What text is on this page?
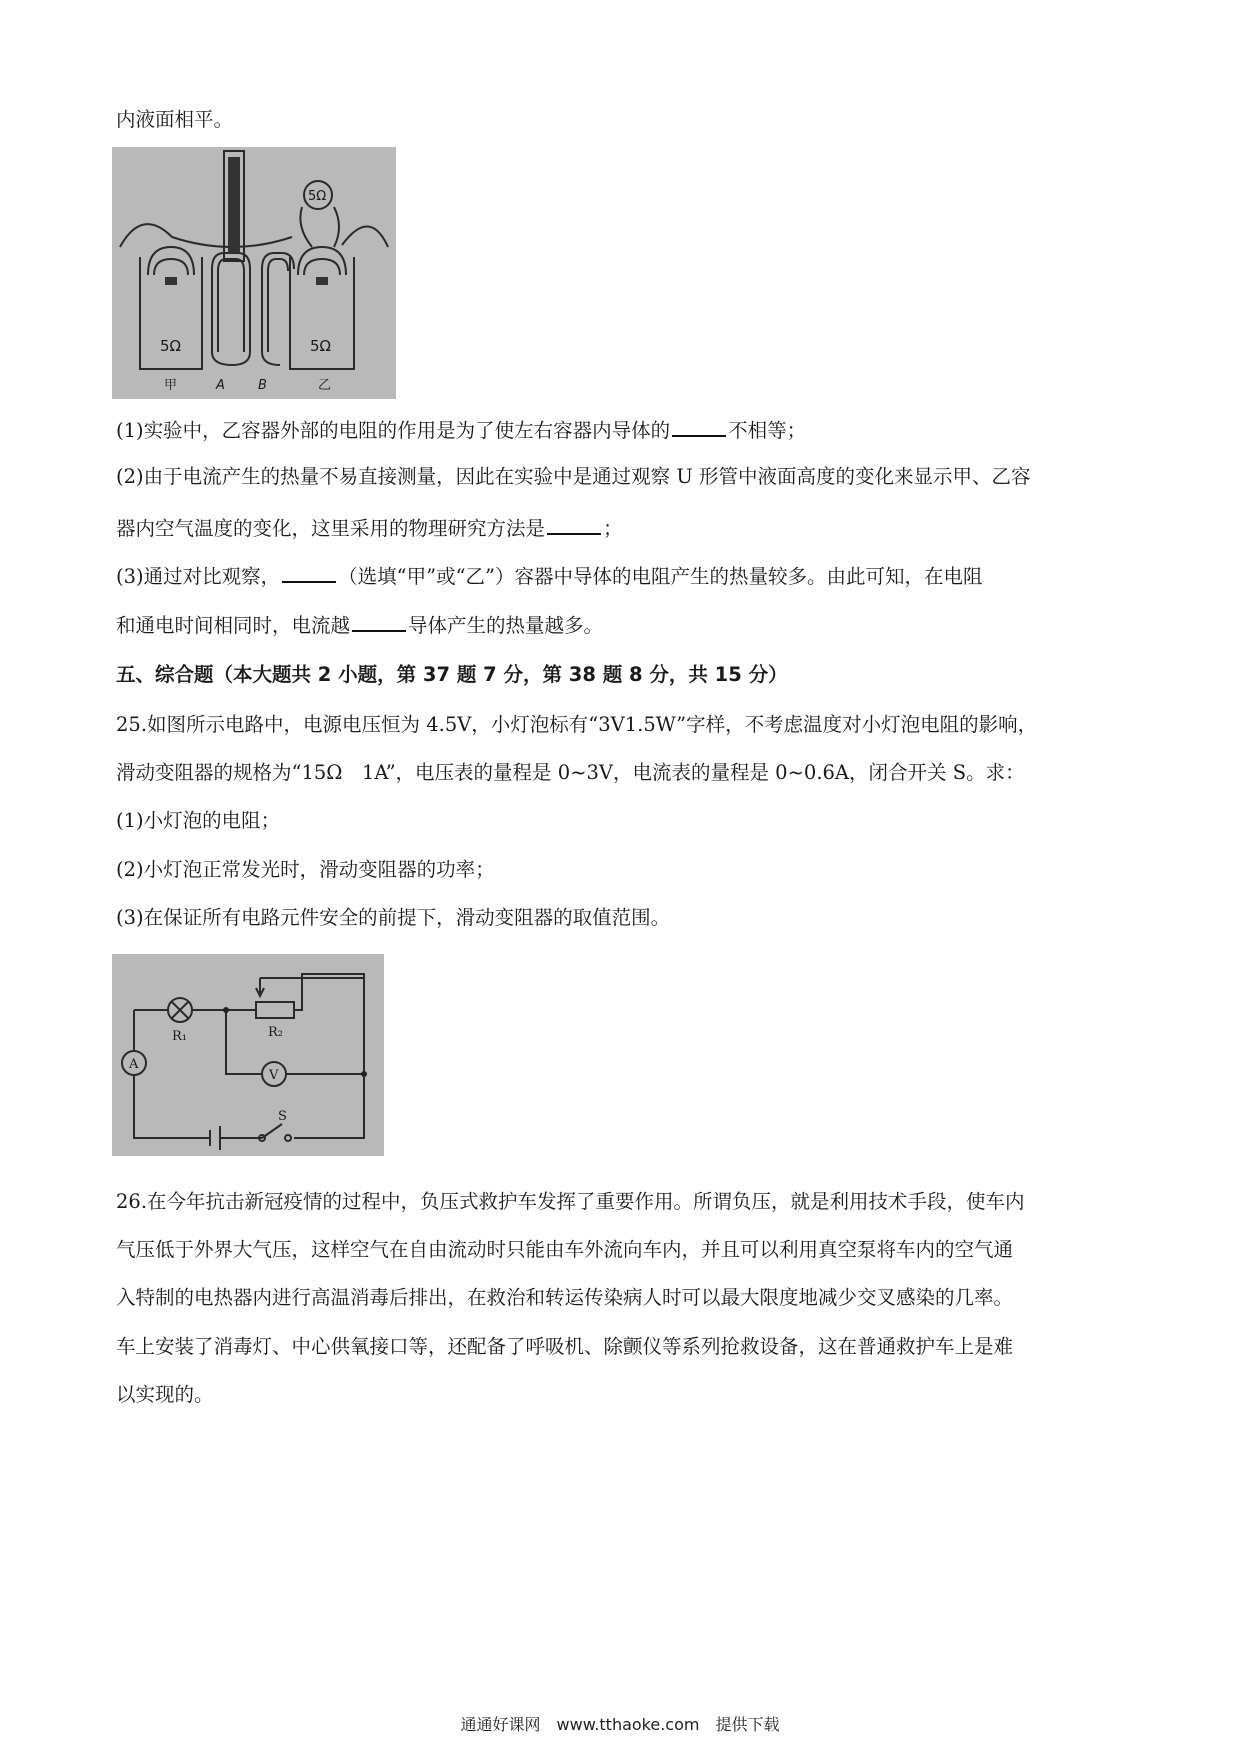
内液面相平。
5Ω	5Ω
5Ω
甲	A	B	乙
(1)实验中，乙容器外部的电阻的作用是为了使左右容器内导体的	不相等；
(2)由于电流产生的热量不易直接测量，因此在实验中是通过观察 U 形管中液面高度的变化来显示甲、乙容
器内空气温度的变化，这里采用的物理研究方法是	；
(3)通过对比观察，	（选填“甲”或“乙”）容器中导体的电阻产生的热量较多。由此可知，在电阻
和通电时间相同时，电流越	导体产生的热量越多。
五、综合题（本大题共 2 小题，第 37 题 7 分，第 38 题 8 分，共 15 分）
25.如图所示电路中，电源电压恒为 4.5V，小灯泡标有“3V1.5W”字样，不考虑温度对小灯泡电阻的影响，
滑动变阻器的规格为“15Ω　1A”，电压表的量程是 0~3V，电流表的量程是 0~0.6A，闭合开关 S。求：
(1)小灯泡的电阻；
(2)小灯泡正常发光时，滑动变阻器的功率；
(3)在保证所有电路元件安全的前提下，滑动变阻器的取值范围。
R₁	R₂
A
V
S
26.在今年抗击新冠疫情的过程中，负压式救护车发挥了重要作用。所谓负压，就是利用技术手段，使车内
气压低于外界大气压，这样空气在自由流动时只能由车外流向车内，并且可以利用真空泵将车内的空气通
入特制的电热器内进行高温消毒后排出，在救治和转运传染病人时可以最大限度地减少交叉感染的几率。
车上安装了消毒灯、中心供氧接口等，还配备了呼吸机、除颤仪等系列抢救设备，这在普通救护车上是难
以实现的。
通通好课网　www.tthaoke.com　提供下载
